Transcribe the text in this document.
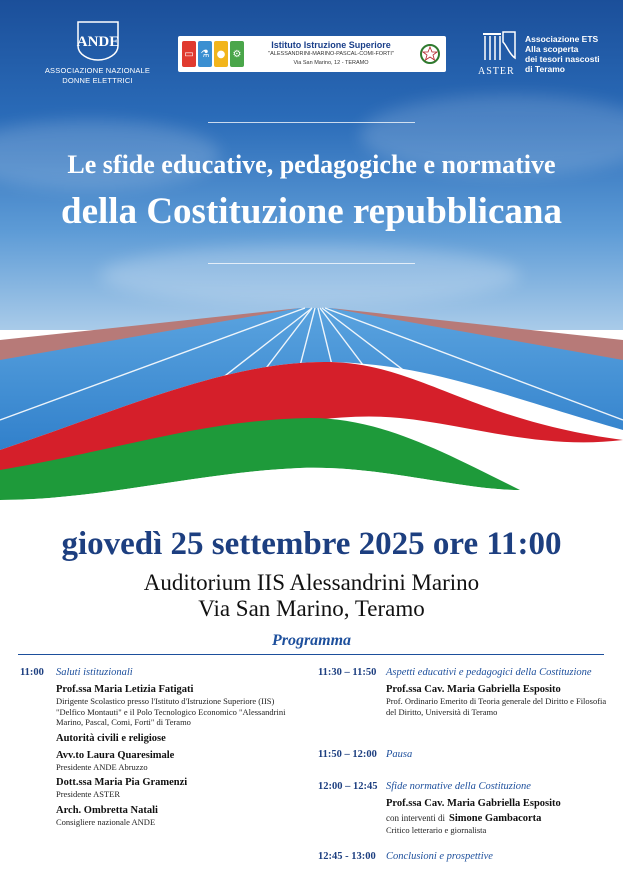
Le sfide educative, pedagogiche e normative
della Costituzione repubblicana
ANDE
ASSOCIAZIONE NAZIONALE
DONNE ELETTRICI
▭ ⚗ ● ⚙
Istituto Istruzione Superiore
"ALESSANDRINI-MARINO-PASCAL-COMI-FORTI"
Via San Marino, 12 - TERAMO
ASTER
Associazione ETS
Alla scoperta
dei tesori nascosti
di Teramo
giovedì 25 settembre 2025 ore 11:00
Auditorium IIS Alessandrini Marino
Via San Marino, Teramo
Programma
11:00 Saluti istituzionali
Prof.ssa Maria Letizia Fatigati
Dirigente Scolastico presso l'Istituto d'Istruzione Superiore (IIS) "Delfico Montauti" e il Polo Tecnologico Economico "Alessandrini Marino, Pascal, Comi, Forti" di Teramo
Autorità civili e religiose
Avv.to Laura Quaresimale
Presidente ANDE Abruzzo
Dott.ssa Maria Pia Gramenzi
Presidente ASTER
Arch. Ombretta Natali
Consigliere nazionale ANDE
11:30 – 11:50 Aspetti educativi e pedagogici della Costituzione
Prof.ssa Cav. Maria Gabriella Esposito
Prof. Ordinario Emerito di Teoria generale del Diritto e Filosofia del Diritto, Università di Teramo
11:50 – 12:00 Pausa
12:00 – 12:45 Sfide normative della Costituzione
Prof.ssa Cav. Maria Gabriella Esposito
con interventi di Simone Gambacorta
Critico letterario e giornalista
12:45 - 13:00 Conclusioni e prospettive
